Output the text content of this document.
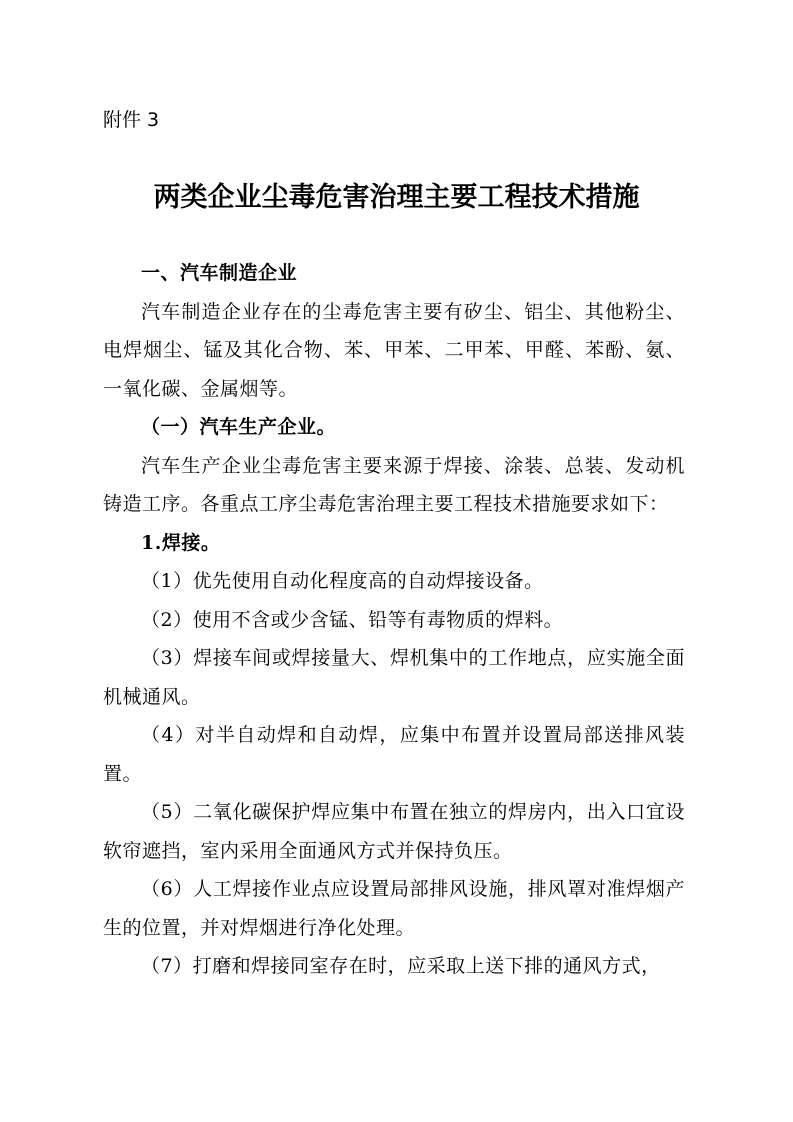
附件 3
两类企业尘毒危害治理主要工程技术措施

一、汽车制造企业

汽车制造企业存在的尘毒危害主要有矽尘、铝尘、其他粉尘、电焊烟尘、锰及其化合物、苯、甲苯、二甲苯、甲醛、苯酚、氨、一氧化碳、金属烟等。

（一）汽车生产企业。

汽车生产企业尘毒危害主要来源于焊接、涂装、总装、发动机铸造工序。各重点工序尘毒危害治理主要工程技术措施要求如下：

1.焊接。

（1）优先使用自动化程度高的自动焊接设备。

（2）使用不含或少含锰、铅等有毒物质的焊料。

（3）焊接车间或焊接量大、焊机集中的工作地点，应实施全面机械通风。

（4）对半自动焊和自动焊，应集中布置并设置局部送排风装置。

（5）二氧化碳保护焊应集中布置在独立的焊房内，出入口宜设软帘遮挡，室内采用全面通风方式并保持负压。

（6）人工焊接作业点应设置局部排风设施，排风罩对准焊烟产生的位置，并对焊烟进行净化处理。

（7）打磨和焊接同室存在时，应采取上送下排的通风方式，
